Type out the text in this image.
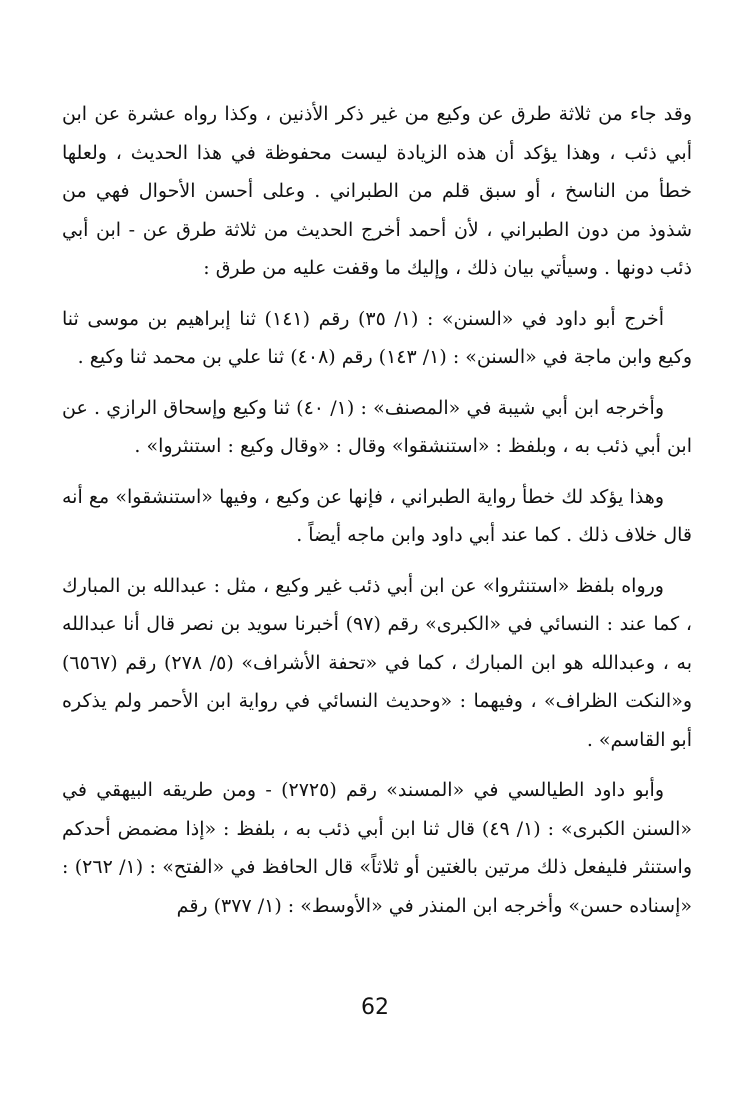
وقد جاء من ثلاثة طرق عن وكيع من غير ذكر الأذنين ، وكذا رواه عشرة عن ابن أبي ذئب ، وهذا يؤكد أن هذه الزيادة ليست محفوظة في هذا الحديث ، ولعلها خطأ من الناسخ ، أو سبق قلم من الطبراني . وعلى أحسن الأحوال فهي من شذوذ من دون الطبراني ، لأن أحمد أخرج الحديث من ثلاثة طرق عن - ابن أبي ذئب دونها . وسيأتي بيان ذلك ، وإليك ما وقفت عليه من طرق :

أخرج أبو داود في «السنن» : (١/ ٣٥) رقم (١٤١) ثنا إبراهيم بن موسى ثنا وكيع وابن ماجة في «السنن» : (١/ ١٤٣) رقم (٤٠٨) ثنا علي بن محمد ثنا وكيع .

وأخرجه ابن أبي شيبة في «المصنف» : (١/ ٤٠) ثنا وكيع وإسحاق الرازي . عن ابن أبي ذئب به ، وبلفظ : «استنشقوا» وقال : «وقال وكيع : استنثروا» .

وهذا يؤكد لك خطأ رواية الطبراني ، فإنها عن وكيع ، وفيها «استنشقوا» مع أنه قال خلاف ذلك . كما عند أبي داود وابن ماجه أيضاً .

ورواه بلفظ «استنثروا» عن ابن أبي ذئب غير وكيع ، مثل : عبدالله بن المبارك ، كما عند : النسائي في «الكبرى» رقم (٩٧) أخبرنا سويد بن نصر قال أنا عبدالله به ، وعبدالله هو ابن المبارك ، كما في «تحفة الأشراف» (٥/ ٢٧٨) رقم (٦٥٦٧) و«النكت الظراف» ، وفيهما : «وحديث النسائي في رواية ابن الأحمر ولم يذكره أبو القاسم» .

وأبو داود الطيالسي في «المسند» رقم (٢٧٢٥) - ومن طريقه البيهقي في «السنن الكبرى» : (١/ ٤٩) قال ثنا ابن أبي ذئب به ، بلفظ : «إذا مضمض أحدكم واستنثر فليفعل ذلك مرتين بالغتين أو ثلاثاً» قال الحافظ في «الفتح» : (١/ ٢٦٢) : «إسناده حسن» وأخرجه ابن المنذر في «الأوسط» : (١/ ٣٧٧) رقم

62
